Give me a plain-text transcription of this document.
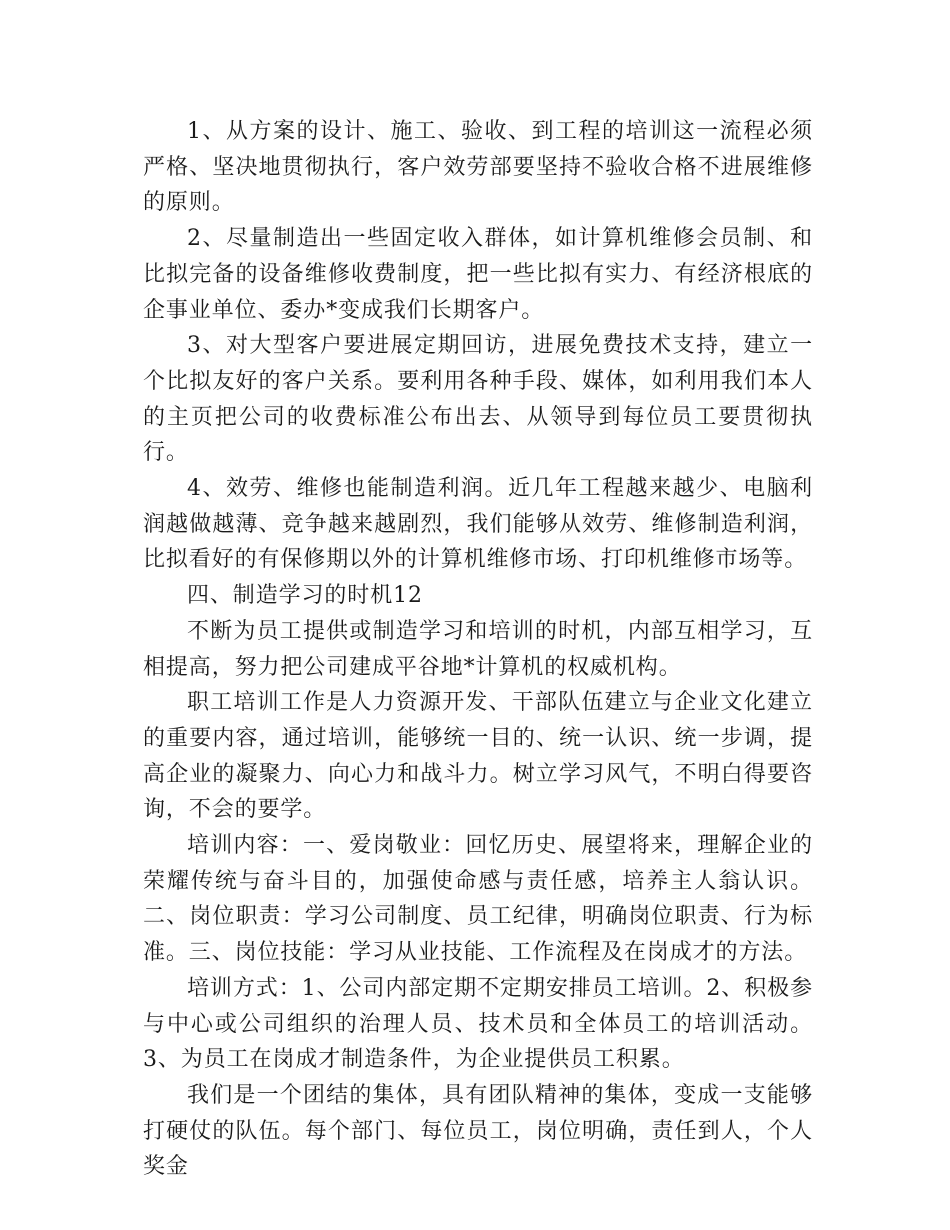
1、从方案的设计、施工、验收、到工程的培训这一流程必须严格、坚决地贯彻执行，客户效劳部要坚持不验收合格不进展维修的原则。

2、尽量制造出一些固定收入群体，如计算机维修会员制、和比拟完备的设备维修收费制度，把一些比拟有实力、有经济根底的企事业单位、委办*变成我们长期客户。

3、对大型客户要进展定期回访，进展免费技术支持，建立一个比拟友好的客户关系。要利用各种手段、媒体，如利用我们本人的主页把公司的收费标准公布出去、从领导到每位员工要贯彻执行。

4、效劳、维修也能制造利润。近几年工程越来越少、电脑利润越做越薄、竞争越来越剧烈，我们能够从效劳、维修制造利润，比拟看好的有保修期以外的计算机维修市场、打印机维修市场等。

四、制造学习的时机12

不断为员工提供或制造学习和培训的时机，内部互相学习，互相提高，努力把公司建成平谷地*计算机的权威机构。

职工培训工作是人力资源开发、干部队伍建立与企业文化建立的重要内容，通过培训，能够统一目的、统一认识、统一步调，提高企业的凝聚力、向心力和战斗力。树立学习风气，不明白得要咨询，不会的要学。

培训内容：一、爱岗敬业：回忆历史、展望将来，理解企业的荣耀传统与奋斗目的，加强使命感与责任感，培养主人翁认识。二、岗位职责：学习公司制度、员工纪律，明确岗位职责、行为标准。三、岗位技能：学习从业技能、工作流程及在岗成才的方法。

培训方式：1、公司内部定期不定期安排员工培训。2、积极参与中心或公司组织的治理人员、技术员和全体员工的培训活动。3、为员工在岗成才制造条件，为企业提供员工积累。

我们是一个团结的集体，具有团队精神的集体，变成一支能够打硬仗的队伍。每个部门、每位员工，岗位明确，责任到人，个人奖金
